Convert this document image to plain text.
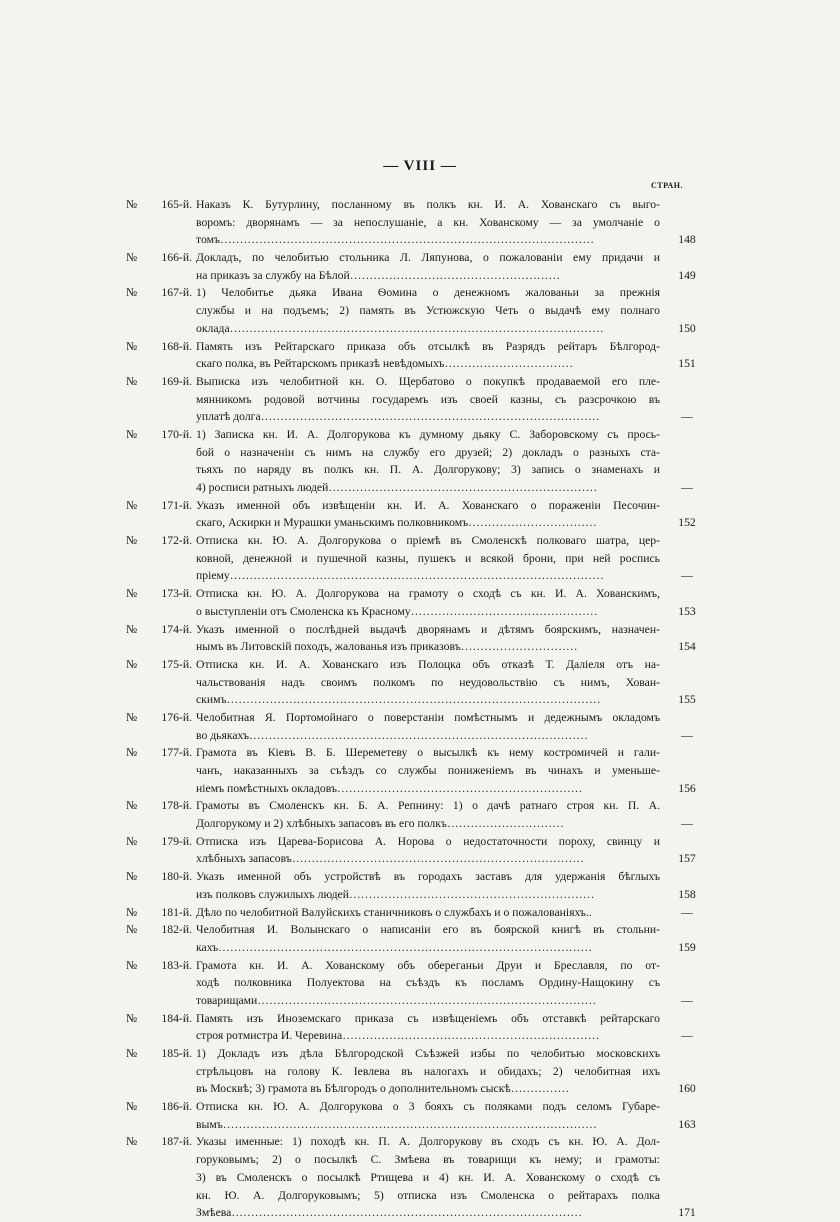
— VIII —
СТРАН.
№ 165-й. Наказъ К. Бутурлину, посланному въ полкъ кн. И. А. Хованскаго съ выго-
воромъ: дворянамъ — за непослушаніе, а кн. Хованскому — за умолчаніе о
томъ……………………………………………………………………………………	148
№ 166-й. Докладъ, по челобитью стольника Л. Ляпунова, о пожалованіи ему придачи и
на приказъ за службу на Бѣлой………………………………………………	149
№ 167-й. 1) Челобитье дьяка Ивана Ѳомина о денежномъ жалованьи за прежнія
службы и на подъемъ; 2) память въ Устюжскую Четь о выдачѣ ему полнаго
оклада……………………………………………………………………………………	150
№ 168-й. Память изъ Рейтарскаго приказа объ отсылкѣ въ Разрядъ рейтаръ Бѣлгород-
скаго полка, въ Рейтарскомъ приказѣ невѣдомыхъ……………………………	151
№ 169-й. Выписка изъ челобитной кн. О. Щербатово о покупкѣ продаваемой его пле-
мянникомъ родовой вотчины государемъ изъ своей казны, съ разсрочкою въ
уплатѣ долга……………………………………………………………………………	—
№ 170-й. 1) Записка кн. И. А. Долгорукова къ думному дьяку С. Заборовскому съ прось-
бой о назначеніи съ нимъ на службу его друзей; 2) докладъ о разныхъ ста-
тьяхъ по наряду въ полкъ кн. П. А. Долгорукову; 3) запись о знаменахъ и
4) росписи ратныхъ людей……………………………………………………………	—
№ 171-й. Указъ именной объ извѣщеніи кн. И. А. Хованскаго о пораженіи Песочин-
скаго, Аскирки и Мурашки уманьскимъ полковникомъ……………………………	152
№ 172-й. Отписка кн. Ю. А. Долгорукова о пріемѣ въ Смоленскѣ полковаго шатра, цер-
ковной, денежной и пушечной казны, пушекъ и всякой брони, при ней роспись
пріему……………………………………………………………………………………	—
№ 173-й. Отписка кн. Ю. А. Долгорукова на грамоту о сходѣ съ кн. И. А. Хованскимъ,
о выступленіи отъ Смоленска къ Красному…………………………………………	153
№ 174-й. Указъ именной о послѣдней выдачѣ дворянамъ и дѣтямъ боярскимъ, назначен-
нымъ въ Литовскій походъ, жалованья изъ приказовъ…………………………	154
№ 175-й. Отписка кн. И. А. Хованскаго изъ Полоцка объ отказѣ Т. Даліеля отъ на-
чальствованія надъ своимъ полкомъ по неудовольствію съ нимъ, Хован-
скимъ……………………………………………………………………………………	155
№ 176-й. Челобитная Я. Портомойнаго о поверстаніи помѣстнымъ и дедежнымъ окладомъ
во дьякахъ……………………………………………………………………………	—
№ 177-й. Грамота въ Кіевъ В. Б. Шереметеву о высылкѣ къ нему костромичей и гали-
чанъ, наказанныхъ за съѣздъ со службы пониженіемъ въ чинахъ и уменьше-
ніемъ помѣстныхъ окладовъ………………………………………………………	156
№ 178-й. Грамоты въ Смоленскъ кн. Б. А. Репнину: 1) о дачѣ ратнаго строя кн. П. А.
Долгорукому и 2) хлѣбныхъ запасовъ въ его полкъ…………………………	—
№ 179-й. Отписка изъ Царева-Борисова А. Норова о недостаточности пороху, свинцу и
хлѣбныхъ запасовъ…………………………………………………………………	157
№ 180-й. Указъ именной объ устройствѣ въ городахъ заставъ для удержанія бѣглыхъ
изъ полковъ служилыхъ людей………………………………………………………	158
№ 181-й. Дѣло по челобитной Валуйскихъ станичниковъ о службахъ и о пожалованіяхъ..	—
№ 182-й. Челобитная И. Волынскаго о написаніи его въ боярской книгѣ въ стольни-
кахъ……………………………………………………………………………………	159
№ 183-й. Грамота кн. И. А. Хованскому объ обереганьи Друи и Бреславля, по от-
ходѣ полковника Полуектова на съѣздъ къ посламъ Ордину-Нащокину съ
товарищами……………………………………………………………………………	—
№ 184-й. Память изъ Иноземскаго приказа съ извѣщеніемъ объ отставкѣ рейтарскаго
строя ротмистра И. Черевина…………………………………………………………	—
№ 185-й. 1) Докладъ изъ дѣла Бѣлгородской Съѣзжей избы по челобитью московскихъ
стрѣльцовъ на голову К. Іевлева въ налогахъ и обидахъ; 2) челобитная ихъ
въ Москвѣ; 3) грамота въ Бѣлгородъ о дополнительномъ сыскѣ……………	160
№ 186-й. Отписка кн. Ю. А. Долгорукова о 3 бояхъ съ поляками подъ селомъ Губаре-
вымъ……………………………………………………………………………………	163
№ 187-й. Указы именные: 1) походѣ кн. П. А. Долгорукову въ сходъ съ кн. Ю. А. Дол-
горуковымъ; 2) о посылкѣ С. Змѣева въ товарищи къ нему; и грамоты:
3) въ Смоленскъ о посылкѣ Ртищева и 4) кн. И. А. Хованскому о сходѣ съ
кн. Ю. А. Долгоруковымъ; 5) отписка изъ Смоленска о рейтарахъ полка
Змѣева………………………………………………………………………………	171
